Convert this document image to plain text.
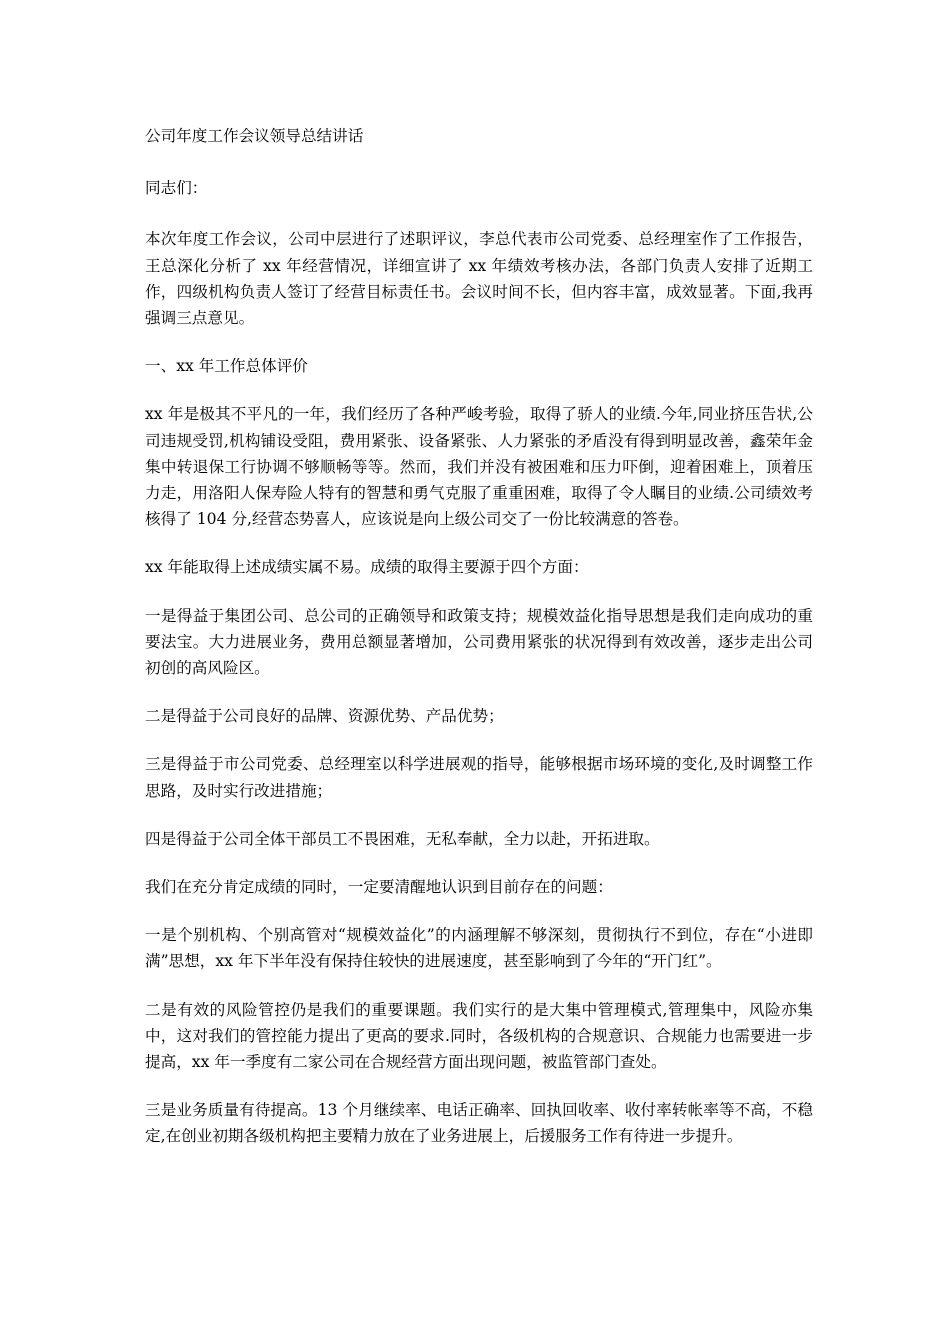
公司年度工作会议领导总结讲话

同志们：

本次年度工作会议，公司中层进行了述职评议，李总代表市公司党委、总经理室作了工作报告，王总深化分析了 xx 年经营情况，详细宣讲了 xx 年绩效考核办法，各部门负责人安排了近期工作，四级机构负责人签订了经营目标责任书。会议时间不长，但内容丰富，成效显著。下面,我再强调三点意见。

一、xx 年工作总体评价

xx 年是极其不平凡的一年，我们经历了各种严峻考验，取得了骄人的业绩.今年,同业挤压告状,公司违规受罚,机构铺设受阻，费用紧张、设备紧张、人力紧张的矛盾没有得到明显改善，鑫荣年金集中转退保工行协调不够顺畅等等。然而，我们并没有被困难和压力吓倒，迎着困难上，顶着压力走，用洛阳人保寿险人特有的智慧和勇气克服了重重困难，取得了令人瞩目的业绩.公司绩效考核得了 104 分,经营态势喜人，应该说是向上级公司交了一份比较满意的答卷。

xx 年能取得上述成绩实属不易。成绩的取得主要源于四个方面：

一是得益于集团公司、总公司的正确领导和政策支持；规模效益化指导思想是我们走向成功的重要法宝。大力进展业务，费用总额显著增加，公司费用紧张的状况得到有效改善，逐步走出公司初创的高风险区。

二是得益于公司良好的品牌、资源优势、产品优势；

三是得益于市公司党委、总经理室以科学进展观的指导，能够根据市场环境的变化,及时调整工作思路，及时实行改进措施；

四是得益于公司全体干部员工不畏困难，无私奉献，全力以赴，开拓进取。

我们在充分肯定成绩的同时，一定要清醒地认识到目前存在的问题：

一是个别机构、个别高管对“规模效益化”的内涵理解不够深刻，贯彻执行不到位，存在“小进即满”思想，xx 年下半年没有保持住较快的进展速度，甚至影响到了今年的“开门红”。

二是有效的风险管控仍是我们的重要课题。我们实行的是大集中管理模式,管理集中，风险亦集中，这对我们的管控能力提出了更高的要求.同时，各级机构的合规意识、合规能力也需要进一步提高，xx 年一季度有二家公司在合规经营方面出现问题，被监管部门查处。

三是业务质量有待提高。13 个月继续率、电话正确率、回执回收率、收付率转帐率等不高，不稳定,在创业初期各级机构把主要精力放在了业务进展上，后援服务工作有待进一步提升。
